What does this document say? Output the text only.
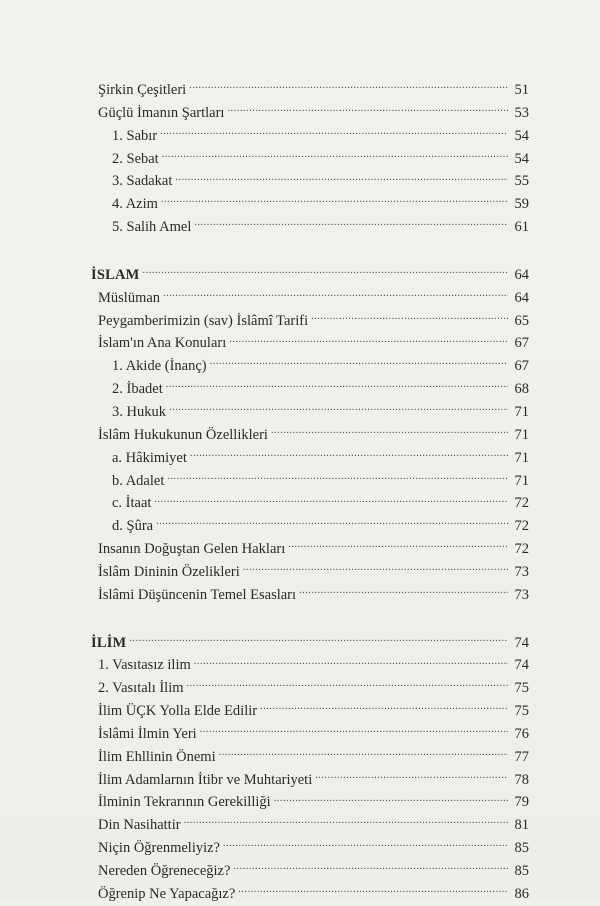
Şirkin Çeşitleri .....	51
Güçlü İmanın Şartları .....	53
1. Sabır .....	54
2. Sebat .....	54
3. Sadakat .....	55
4. Azim .....	59
5. Salih Amel .....	61
İSLAM .....	64
Müslüman .....	64
Peygamberimizin (sav) İslâmî Tarifi .....	65
İslam'ın Ana Konuları .....	67
1. Akide (İnanç) .....	67
2. İbadet .....	68
3. Hukuk .....	71
İslâm Hukukunun Özellikleri .....	71
a. Hâkimiyet .....	71
b. Adalet .....	71
c. İtaat .....	72
d. Şûra .....	72
Insanın Doğuştan Gelen Hakları .....	72
İslâm Dininin Özelikleri .....	73
İslâmi Düşüncenin Temel Esasları .....	73
İLİM .....	74
1. Vasıtasız ilim .....	74
2. Vasıtalı İlim .....	75
İlim ÜÇK Yolla Elde Edilir .....	75
İslâmi İlmin Yeri .....	76
İlim Ehllinin Önemi .....	77
İlim Adamlarnın İtibr ve Muhtariyeti .....	78
İlminin Tekrarının Gerekilliği .....	79
Din Nasihattir .....	81
Niçin Öğrenmeliyiz? .....	85
Nereden Öğreneceğiz? .....	85
Öğrenip Ne Yapacağız? .....	86
